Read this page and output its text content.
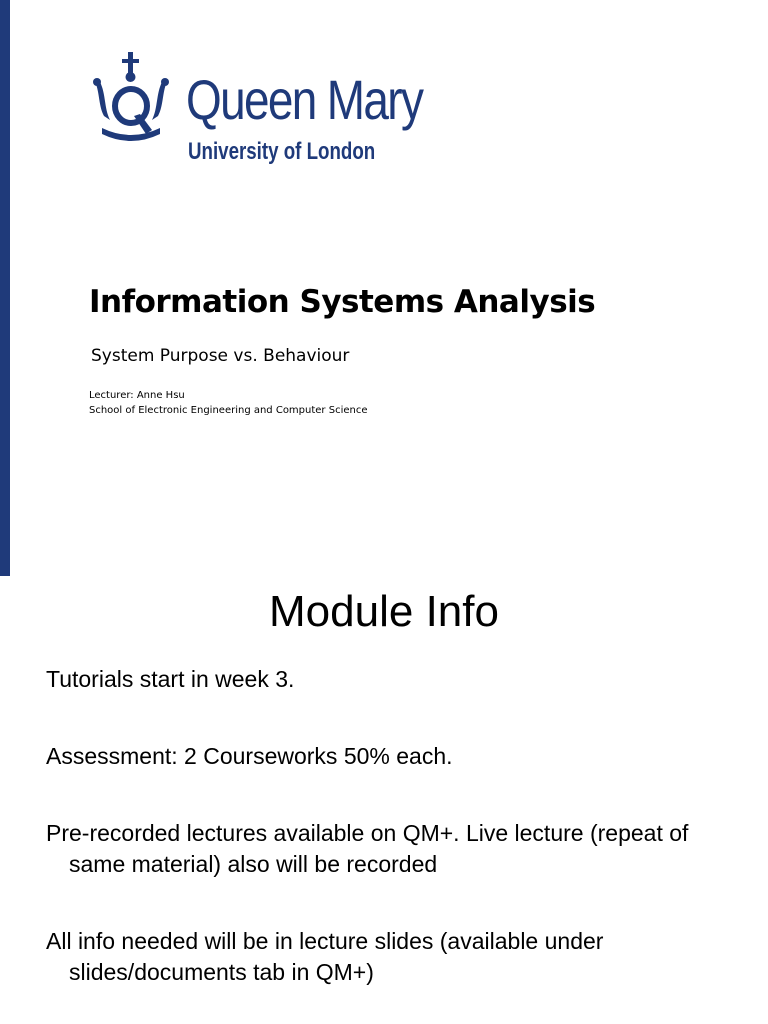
Queen Mary
University of London
Information Systems Analysis
System Purpose vs. Behaviour
Lecturer: Anne Hsu
School of Electronic Engineering and Computer Science
Module Info
Tutorials start in week 3.
Assessment: 2 Courseworks 50% each.
Pre-recorded lectures available on QM+. Live lecture (repeat of same material) also will be recorded
All info needed will be in lecture slides (available under slides/documents tab in QM+)
